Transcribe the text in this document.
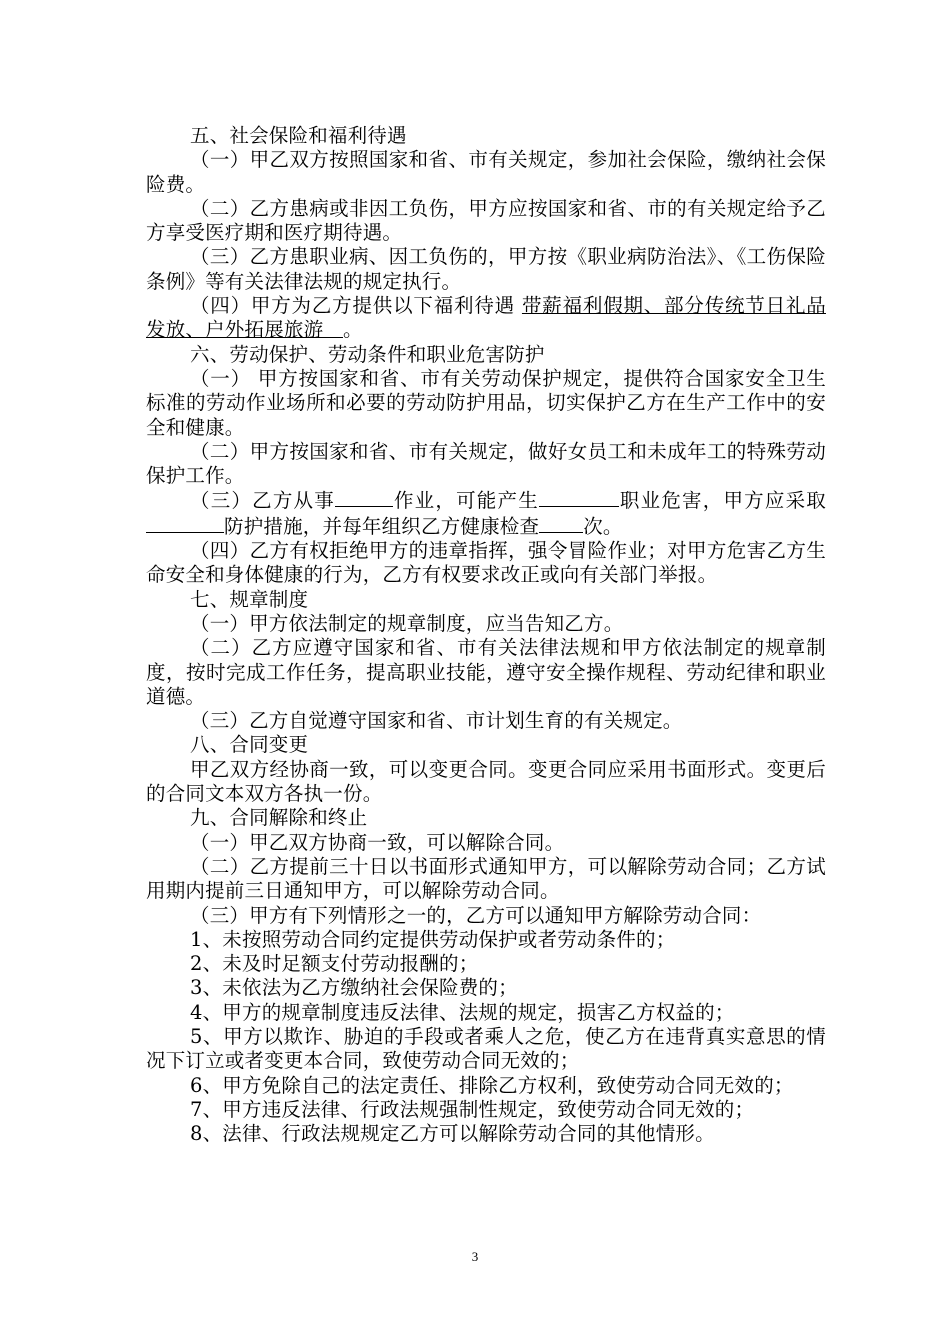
五、社会保险和福利待遇

（一）甲乙双方按照国家和省、市有关规定，参加社会保险，缴纳社会保险费。

（二）乙方患病或非因工负伤，甲方应按国家和省、市的有关规定给予乙方享受医疗期和医疗期待遇。

（三）乙方患职业病、因工负伤的，甲方按《职业病防治法》、《工伤保险条例》等有关法律法规的规定执行。

（四）甲方为乙方提供以下福利待遇 带薪福利假期、部分传统节日礼品发放、户外拓展旅游　。

六、劳动保护、劳动条件和职业危害防护

（一） 甲方按国家和省、市有关劳动保护规定，提供符合国家安全卫生标准的劳动作业场所和必要的劳动防护用品，切实保护乙方在生产工作中的安全和健康。

（二）甲方按国家和省、市有关规定，做好女员工和未成年工的特殊劳动保护工作。

（三）乙方从事	作业，可能产生	职业危害，甲方应采取防护措施，并每年组织乙方健康检查 次。

（四）乙方有权拒绝甲方的违章指挥，强令冒险作业；对甲方危害乙方生命安全和身体健康的行为，乙方有权要求改正或向有关部门举报。

七、规章制度

（一）甲方依法制定的规章制度，应当告知乙方。

（二）乙方应遵守国家和省、市有关法律法规和甲方依法制定的规章制度，按时完成工作任务，提高职业技能，遵守安全操作规程、劳动纪律和职业道德。

（三）乙方自觉遵守国家和省、市计划生育的有关规定。

八、合同变更

甲乙双方经协商一致，可以变更合同。变更合同应采用书面形式。变更后的合同文本双方各执一份。

九、合同解除和终止

（一）甲乙双方协商一致，可以解除合同。

（二）乙方提前三十日以书面形式通知甲方，可以解除劳动合同；乙方试用期内提前三日通知甲方，可以解除劳动合同。

（三）甲方有下列情形之一的，乙方可以通知甲方解除劳动合同：

1、未按照劳动合同约定提供劳动保护或者劳动条件的；

2、未及时足额支付劳动报酬的；

3、未依法为乙方缴纳社会保险费的；

4、甲方的规章制度违反法律、法规的规定，损害乙方权益的；

5、甲方以欺诈、胁迫的手段或者乘人之危，使乙方在违背真实意思的情况下订立或者变更本合同，致使劳动合同无效的；

6、甲方免除自己的法定责任、排除乙方权利，致使劳动合同无效的；

7、甲方违反法律、行政法规强制性规定，致使劳动合同无效的；

8、法律、行政法规规定乙方可以解除劳动合同的其他情形。

3
